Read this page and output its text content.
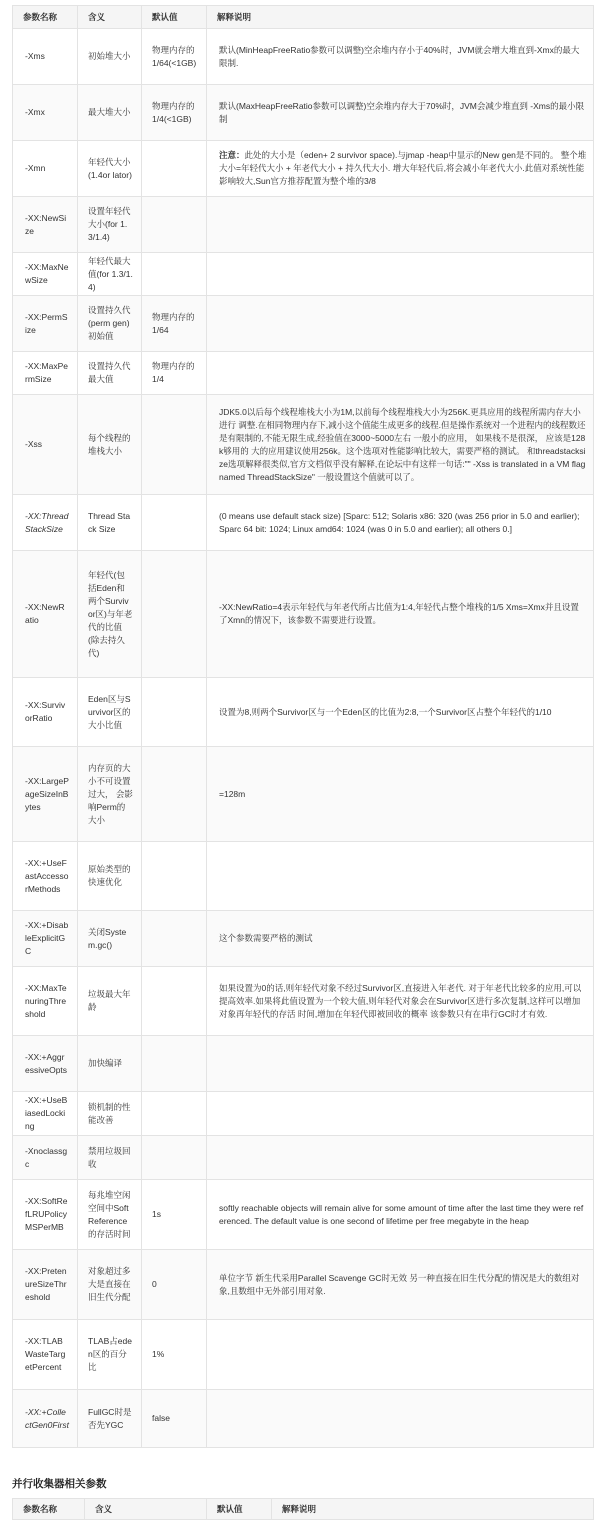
参数名称	含义	默认值	解释说明
-Xms	初始堆大小	物理内存的1/64(<1GB)	默认(MinHeapFreeRatio参数可以调整)空余堆内存小于40%时，JVM就会增大堆直到-Xmx的最大限制.
-Xmx	最大堆大小	物理内存的1/4(<1GB)	默认(MaxHeapFreeRatio参数可以调整)空余堆内存大于70%时，JVM会减少堆直到 -Xms的最小限制
-Xmn	年轻代大小(1.4or lator)		注意：此处的大小是（eden+ 2 survivor space).与jmap -heap中显示的New gen是不同的。 整个堆大小=年轻代大小 + 年老代大小 + 持久代大小. 增大年轻代后,将会减小年老代大小.此值对系统性能影响较大,Sun官方推荐配置为整个堆的3/8
-XX:NewSize	设置年轻代大小(for 1.3/1.4)		
-XX:MaxNewSize	年轻代最大值(for 1.3/1.4)		
-XX:PermSize	设置持久代(perm gen)初始值	物理内存的1/64	
-XX:MaxPermSize	设置持久代最大值	物理内存的1/4	
-Xss	每个线程的堆栈大小		JDK5.0以后每个线程堆栈大小为1M,以前每个线程堆栈大小为256K.更具应用的线程所需内存大小进行 调整.在相同物理内存下,减小这个值能生成更多的线程.但是操作系统对一个进程内的线程数还是有限制的,不能无限生成,经验值在3000~5000左右 一般小的应用， 如果栈不是很深， 应该是128k够用的 大的应用建议使用256k。这个选项对性能影响比较大，需要严格的测试。 和threadstacksize选项解释很类似,官方文档似乎没有解释,在论坛中有这样一句话:"" -Xss is translated in a VM flag named ThreadStackSize" 一般设置这个值就可以了。
-XX:ThreadStackSize	Thread Stack Size		(0 means use default stack size) [Sparc: 512; Solaris x86: 320 (was 256 prior in 5.0 and earlier); Sparc 64 bit: 1024; Linux amd64: 1024 (was 0 in 5.0 and earlier); all others 0.]
-XX:NewRatio	年轻代(包括Eden和两个Survivor区)与年老代的比值(除去持久代)		-XX:NewRatio=4表示年轻代与年老代所占比值为1:4,年轻代占整个堆栈的1/5 Xms=Xmx并且设置了Xmn的情况下，该参数不需要进行设置。
-XX:SurvivorRatio	Eden区与Survivor区的大小比值		设置为8,则两个Survivor区与一个Eden区的比值为2:8,一个Survivor区占整个年轻代的1/10
-XX:LargePageSizeInBytes	内存页的大小不可设置过大， 会影响Perm的大小		=128m
-XX:+UseFastAccessorMethods	原始类型的快速优化		
-XX:+DisableExplicitGC	关闭System.gc()		这个参数需要严格的测试
-XX:MaxTenuringThreshold	垃圾最大年龄		如果设置为0的话,则年轻代对象不经过Survivor区,直接进入年老代. 对于年老代比较多的应用,可以提高效率.如果将此值设置为一个较大值,则年轻代对象会在Survivor区进行多次复制,这样可以增加对象再年轻代的存活 时间,增加在年轻代即被回收的概率 该参数只有在串行GC时才有效.
-XX:+AggressiveOpts	加快编译		
-XX:+UseBiasedLocking	锁机制的性能改善		
-Xnoclassgc	禁用垃圾回收		
-XX:SoftRefLRUPolicyMSPerMB	每兆堆空闲空间中SoftReference的存活时间	1s	softly reachable objects will remain alive for some amount of time after the last time they were referenced. The default value is one second of lifetime per free megabyte in the heap
-XX:PretenureSizeThreshold	对象超过多大是直接在旧生代分配	0	单位字节 新生代采用Parallel Scavenge GC时无效 另一种直接在旧生代分配的情况是大的数组对象,且数组中无外部引用对象.
-XX:TLABWasteTargetPercent	TLAB占eden区的百分比	1%	
-XX:+CollectGen0First	FullGC时是否先YGC	false	
并行收集器相关参数
参数名称	含义	默认值	解释说明
